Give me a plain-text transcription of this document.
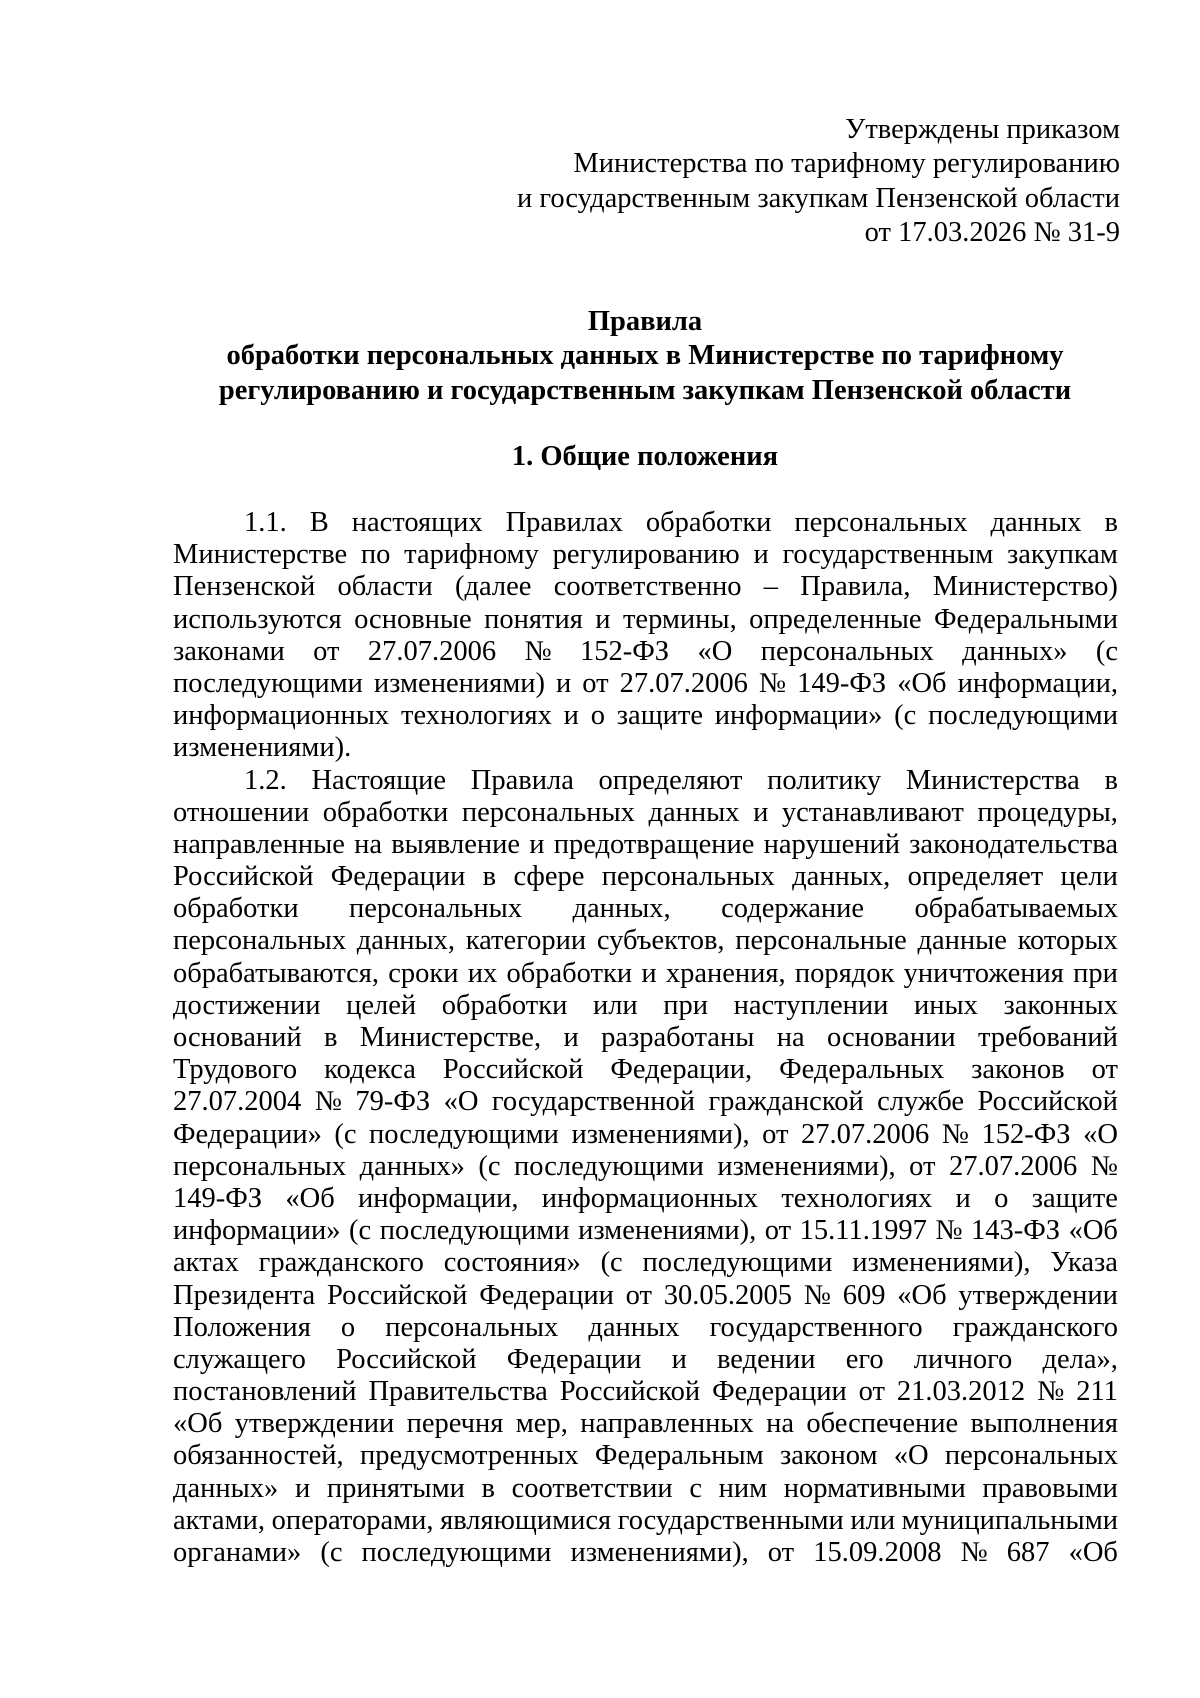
Утверждены приказом
Министерства по тарифному регулированию
и государственным закупкам Пензенской области
от 17.03.2026 № 31-9
Правила
обработки персональных данных в Министерстве по тарифному
регулированию и государственным закупкам Пензенской области
1. Общие положения
1.1. В настоящих Правилах обработки персональных данных в
Министерстве по тарифному регулированию и государственным закупкам
Пензенской области (далее соответственно – Правила, Министерство)
используются основные понятия и термины, определенные Федеральными
законами от 27.07.2006 № 152-ФЗ «О персональных данных» (с
последующими изменениями) и от 27.07.2006 № 149-ФЗ «Об информации,
информационных технологиях и о защите информации» (с последующими
изменениями).
1.2. Настоящие Правила определяют политику Министерства в
отношении обработки персональных данных и устанавливают процедуры,
направленные на выявление и предотвращение нарушений законодательства
Российской Федерации в сфере персональных данных, определяет цели
обработки персональных данных, содержание обрабатываемых
персональных данных, категории субъектов, персональные данные которых
обрабатываются, сроки их обработки и хранения, порядок уничтожения при
достижении целей обработки или при наступлении иных законных
оснований в Министерстве, и разработаны на основании требований
Трудового кодекса Российской Федерации, Федеральных законов от
27.07.2004 № 79-ФЗ «О государственной гражданской службе Российской
Федерации» (с последующими изменениями), от 27.07.2006 № 152-ФЗ «О
персональных данных» (с последующими изменениями), от 27.07.2006 №
149-ФЗ «Об информации, информационных технологиях и о защите
информации» (с последующими изменениями), от 15.11.1997 № 143-ФЗ «Об
актах гражданского состояния» (с последующими изменениями), Указа
Президента Российской Федерации от 30.05.2005 № 609 «Об утверждении
Положения о персональных данных государственного гражданского
служащего Российской Федерации и ведении его личного дела»,
постановлений Правительства Российской Федерации от 21.03.2012 № 211
«Об утверждении перечня мер, направленных на обеспечение выполнения
обязанностей, предусмотренных Федеральным законом «О персональных
данных» и принятыми в соответствии с ним нормативными правовыми
актами, операторами, являющимися государственными или муниципальными
органами» (с последующими изменениями), от 15.09.2008 № 687 «Об
